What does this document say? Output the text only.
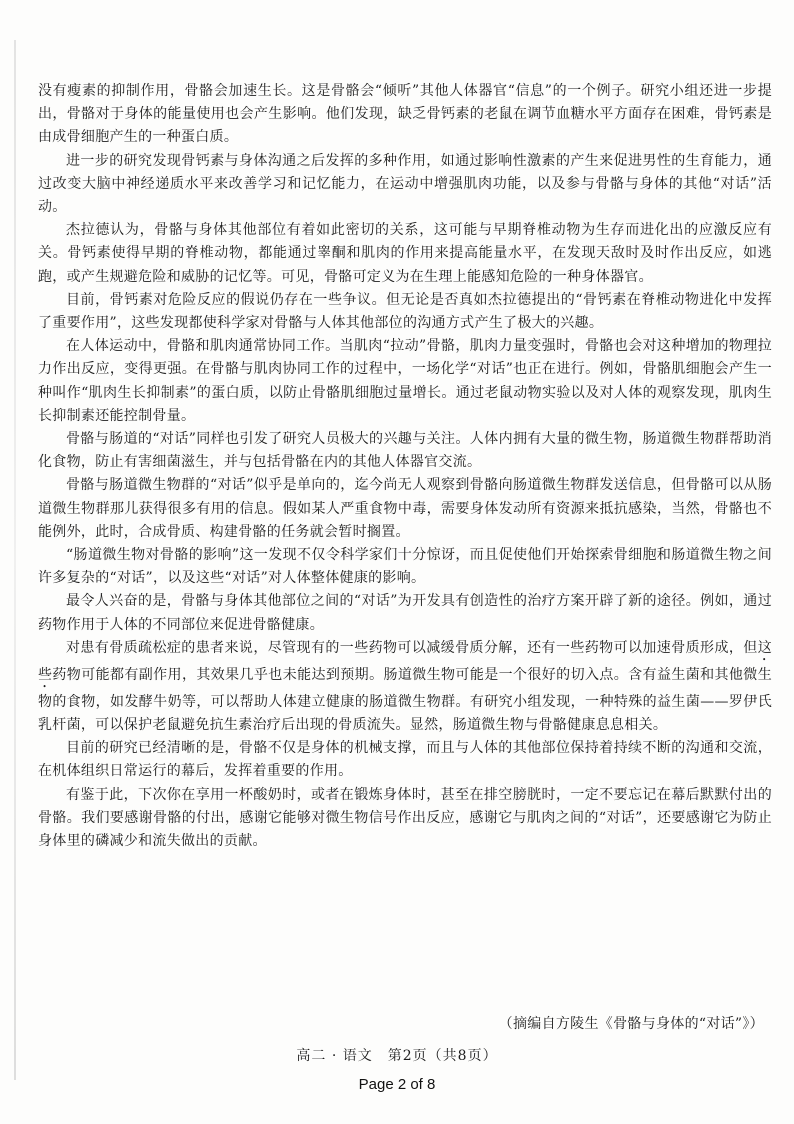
没有瘦素的抑制作用，骨骼会加速生长。这是骨骼会“倾听”其他人体器官“信息”的一个例子。研究小组还进一步提出，骨骼对于身体的能量使用也会产生影响。他们发现，缺乏骨钙素的老鼠在调节血糖水平方面存在困难，骨钙素是由成骨细胞产生的一种蛋白质。

进一步的研究发现骨钙素与身体沟通之后发挥的多种作用，如通过影响性激素的产生来促进男性的生育能力，通过改变大脑中神经递质水平来改善学习和记忆能力，在运动中增强肌肉功能，以及参与骨骼与身体的其他“对话”活动。

杰拉德认为，骨骼与身体其他部位有着如此密切的关系，这可能与早期脊椎动物为生存而进化出的应激反应有关。骨钙素使得早期的脊椎动物，都能通过睾酮和肌肉的作用来提高能量水平，在发现天敌时及时作出反应，如逃跑，或产生规避危险和威胁的记忆等。可见，骨骼可定义为在生理上能感知危险的一种身体器官。

目前，骨钙素对危险反应的假说仍存在一些争议。但无论是否真如杰拉德提出的“骨钙素在脊椎动物进化中发挥了重要作用”，这些发现都使科学家对骨骼与人体其他部位的沟通方式产生了极大的兴趣。

在人体运动中，骨骼和肌肉通常协同工作。当肌肉“拉动”骨骼，肌肉力量变强时，骨骼也会对这种增加的物理拉力作出反应，变得更强。在骨骼与肌肉协同工作的过程中，一场化学“对话”也正在进行。例如，骨骼肌细胞会产生一种叫作“肌肉生长抑制素”的蛋白质，以防止骨骼肌细胞过量增长。通过老鼠动物实验以及对人体的观察发现，肌肉生长抑制素还能控制骨量。

骨骼与肠道的“对话”同样也引发了研究人员极大的兴趣与关注。人体内拥有大量的微生物，肠道微生物群帮助消化食物，防止有害细菌滋生，并与包括骨骼在内的其他人体器官交流。

骨骼与肠道微生物群的“对话”似乎是单向的，迄今尚无人观察到骨骼向肠道微生物群发送信息，但骨骼可以从肠道微生物群那儿获得很多有用的信息。假如某人严重食物中毒，需要身体发动所有资源来抵抗感染，当然，骨骼也不能例外，此时，合成骨质、构建骨骼的任务就会暂时搁置。

“肠道微生物对骨骼的影响”这一发现不仅令科学家们十分惊讶，而且促使他们开始探索骨细胞和肠道微生物之间许多复杂的“对话”，以及这些“对话”对人体整体健康的影响。

最令人兴奋的是，骨骼与身体其他部位之间的“对话”为开发具有创造性的治疗方案开辟了新的途径。例如，通过药物作用于人体的不同部位来促进骨骼健康。

对患有骨质疏松症的患者来说，尽管现有的一些药物可以减缓骨质分解，还有一些药物可以加速骨质形成，但这些药物可能都有副作用，其效果几乎也未能达到预期。肠道微生物可能是一个很好的切入点。含有益生菌和其他微生物的食物，如发酵牛奶等，可以帮助人体建立健康的肠道微生物群。有研究小组发现，一种特殊的益生菌——罗伊氏乳杆菌，可以保护老鼠避免抗生素治疗后出现的骨质流失。显然，肠道微生物与骨骼健康息息相关。

目前的研究已经清晰的是，骨骼不仅是身体的机械支撑，而且与人体的其他部位保持着持续不断的沟通和交流，在机体组织日常运行的幕后，发挥着重要的作用。

有鉴于此，下次你在享用一杯酸奶时，或者在锻炼身体时，甚至在排空膀胱时，一定不要忘记在幕后默默付出的骨骼。我们要感谢骨骼的付出，感谢它能够对微生物信号作出反应，感谢它与肌肉之间的“对话”，还要感谢它为防止身体里的磷减少和流失做出的贡献。

（摘编自方陵生《骨骼与身体的“对话”》）
高二 · 语文　第2页（共8页）
Page 2 of 8
